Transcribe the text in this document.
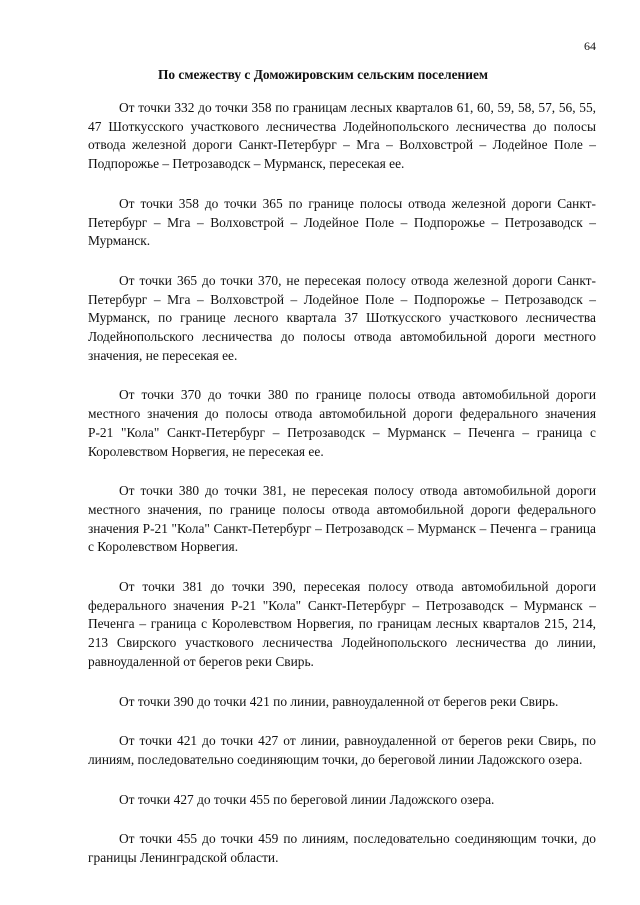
64
По смежеству с Доможировским сельским поселением

От точки 332 до точки 358 по границам лесных кварталов 61, 60, 59, 58, 57, 56, 55, 47 Шоткусского участкового лесничества Лодейнопольского лесничества до полосы отвода железной дороги Санкт-Петербург – Мга – Волховстрой – Лодейное Поле – Подпорожье – Петрозаводск – Мурманск, пересекая ее.

От точки 358 до точки 365 по границе полосы отвода железной дороги Санкт-Петербург – Мга – Волховстрой – Лодейное Поле – Подпорожье – Петрозаводск – Мурманск.

От точки 365 до точки 370, не пересекая полосу отвода железной дороги Санкт-Петербург – Мга – Волховстрой – Лодейное Поле – Подпорожье – Петрозаводск – Мурманск, по границе лесного квартала 37 Шоткусского участкового лесничества Лодейнопольского лесничества до полосы отвода автомобильной дороги местного значения, не пересекая ее.

От точки 370 до точки 380 по границе полосы отвода автомобильной дороги местного значения до полосы отвода автомобильной дороги федерального значения Р-21 "Кола" Санкт-Петербург – Петрозаводск – Мурманск – Печенга – граница с Королевством Норвегия, не пересекая ее.

От точки 380 до точки 381, не пересекая полосу отвода автомобильной дороги местного значения, по границе полосы отвода автомобильной дороги федерального значения Р-21 "Кола" Санкт-Петербург – Петрозаводск – Мурманск – Печенга – граница с Королевством Норвегия.

От точки 381 до точки 390, пересекая полосу отвода автомобильной дороги федерального значения Р-21 "Кола" Санкт-Петербург – Петрозаводск – Мурманск – Печенга – граница с Королевством Норвегия, по границам лесных кварталов 215, 214, 213 Свирского участкового лесничества Лодейнопольского лесничества до линии, равноудаленной от берегов реки Свирь.

От точки 390 до точки 421 по линии, равноудаленной от берегов реки Свирь.

От точки 421 до точки 427 от линии, равноудаленной от берегов реки Свирь, по линиям, последовательно соединяющим точки, до береговой линии Ладожского озера.

От точки 427 до точки 455 по береговой линии Ладожского озера.

От точки 455 до точки 459 по линиям, последовательно соединяющим точки, до границы Ленинградской области.
